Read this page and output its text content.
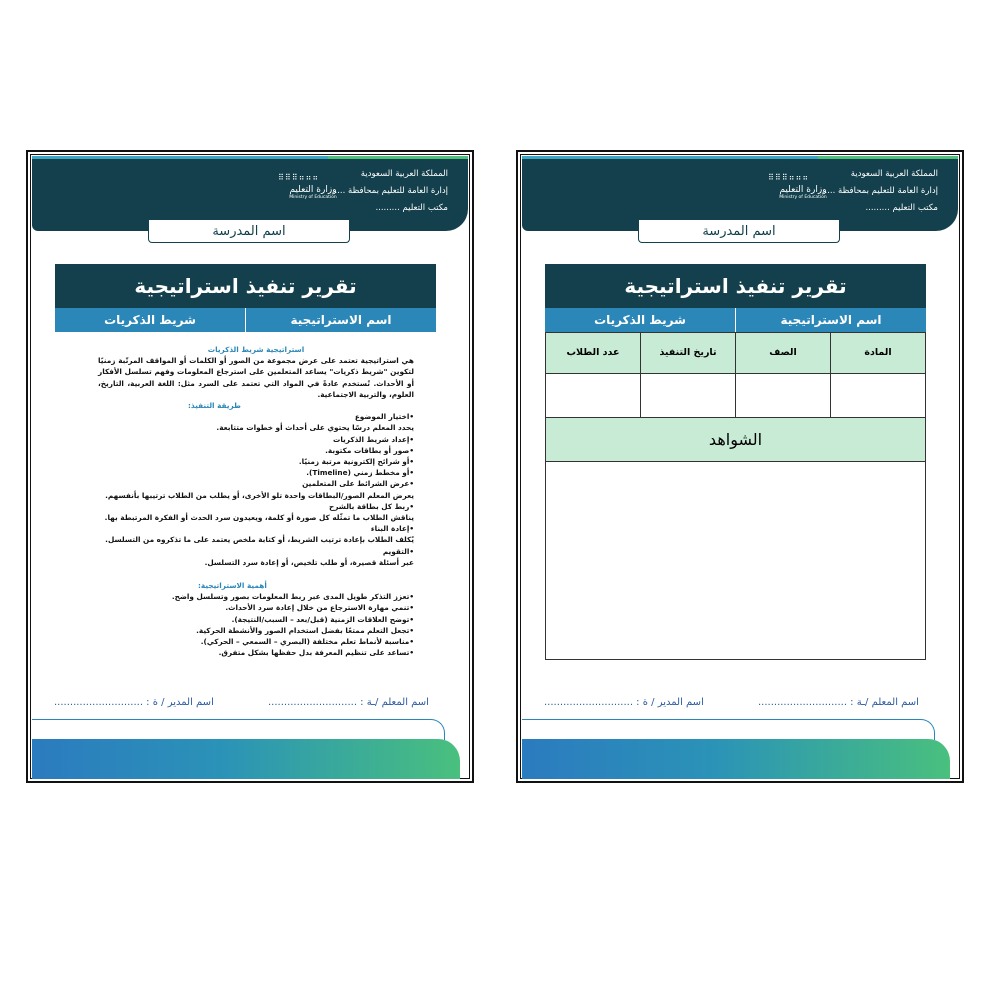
المملكة العربية السعودية
إدارة العامة للتعليم بمحافظة ......
مكتب التعليم .........
⠿⠿⠿⠶⠶⠶
وزارة التعليم
Ministry of Education
اسم المدرسة
تقرير تنفيذ استراتيجية
اسم الاستراتيجية
شريط الذكريات
استراتيجية شريط الذكريات
هي استراتيجية تعتمد على عرض مجموعة من الصور أو الكلمات أو المواقف المرتّبة زمنيًا لتكوين "شريط ذكريات" يساعد المتعلمين على استرجاع المعلومات وفهم تسلسل الأفكار أو الأحداث. تُستخدم عادةً في المواد التي تعتمد على السرد مثل: اللغة العربية، التاريخ، العلوم، والتربية الاجتماعية.
طريقة التنفيذ:
•اختيار الموضوع
يحدد المعلم درسًا يحتوي على أحداث أو خطوات متتابعة.
•إعداد شريط الذكريات
•صور أو بطاقات مكتوبة.
•أو شرائح إلكترونية مرتبة زمنيًا.
•أو مخطط زمني (Timeline).
•عرض الشرائط على المتعلمين
يعرض المعلم الصور/البطاقات واحدة تلو الأخرى، أو يطلب من الطلاب ترتيبها بأنفسهم.
•ربط كل بطاقة بالشرح
يناقش الطلاب ما تمثّله كل صورة أو كلمة، ويعيدون سرد الحدث أو الفكرة المرتبطة بها.
•إعادة البناء
يُكلف الطلاب بإعادة ترتيب الشريط، أو كتابة ملخص يعتمد على ما تذكروه من التسلسل.
•التقويم
عبر أسئلة قصيرة، أو طلب تلخيص، أو إعادة سرد التسلسل.
أهمية الاستراتيجية:
•تعزز التذكر طويل المدى عبر ربط المعلومات بصور وتسلسل واضح.
•تنمي مهارة الاسترجاع من خلال إعادة سرد الأحداث.
•توضح العلاقات الزمنية (قبل/بعد – السبب/النتيجة).
•تجعل التعلم ممتعًا بفضل استخدام الصور والأنشطة الحركية.
•مناسبة لأنماط تعلم مختلفة (البصري – السمعي – الحركي).
•تساعد على تنظيم المعرفة بدل حفظها بشكل متفرق.
اسم المعلم /ـة : ............................
اسم المدير / ة : ............................
المملكة العربية السعودية
إدارة العامة للتعليم بمحافظة ......
مكتب التعليم .........
⠿⠿⠿⠶⠶⠶
وزارة التعليم
Ministry of Education
اسم المدرسة
تقرير تنفيذ استراتيجية
اسم الاستراتيجية
شريط الذكريات
المادة
الصف
تاريخ التنفيذ
عدد الطلاب
الشواهد
اسم المعلم /ـة : ............................
اسم المدير / ة : ............................
